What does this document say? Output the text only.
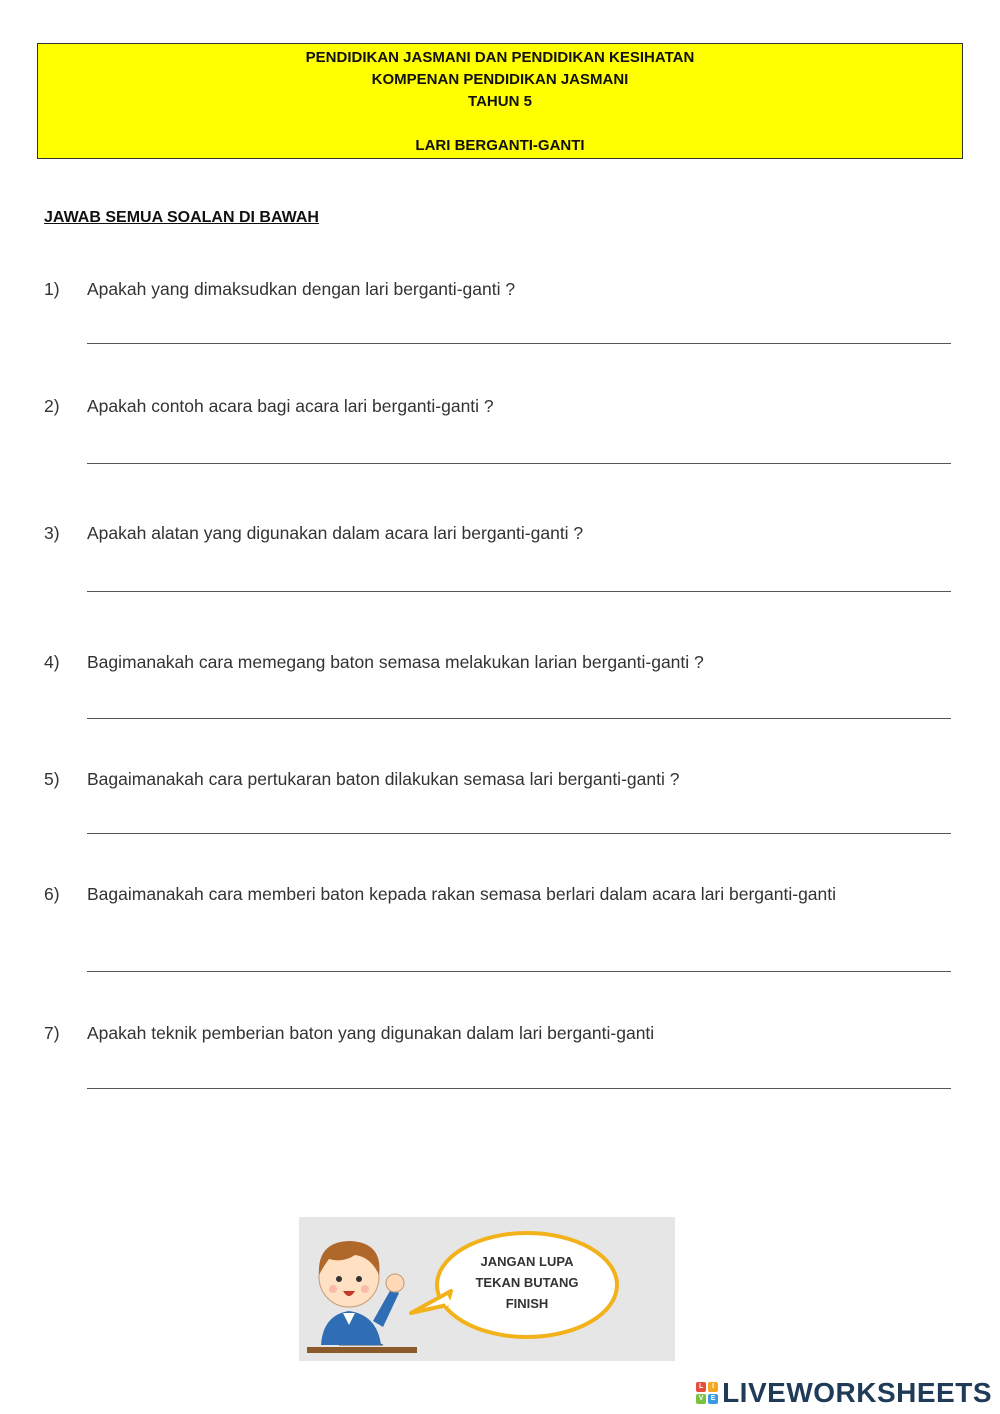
PENDIDIKAN JASMANI DAN PENDIDIKAN KESIHATAN
KOMPENAN PENDIDIKAN JASMANI
TAHUN 5
LARI BERGANTI-GANTI
JAWAB SEMUA SOALAN DI BAWAH
1) Apakah yang dimaksudkan dengan lari berganti-ganti ?
2) Apakah contoh acara bagi acara lari berganti-ganti ?
3) Apakah alatan yang digunakan dalam acara lari berganti-ganti ?
4) Bagimanakah cara memegang baton semasa melakukan larian berganti-ganti ?
5) Bagaimanakah cara pertukaran baton dilakukan semasa lari berganti-ganti ?
6) Bagaimanakah cara memberi baton kepada rakan semasa berlari dalam acara lari berganti-ganti
7) Apakah teknik pemberian baton yang digunakan dalam lari berganti-ganti
JANGAN LUPA
TEKAN BUTANG
FINISH
L	I
V	E LIVEWORKSHEETS
